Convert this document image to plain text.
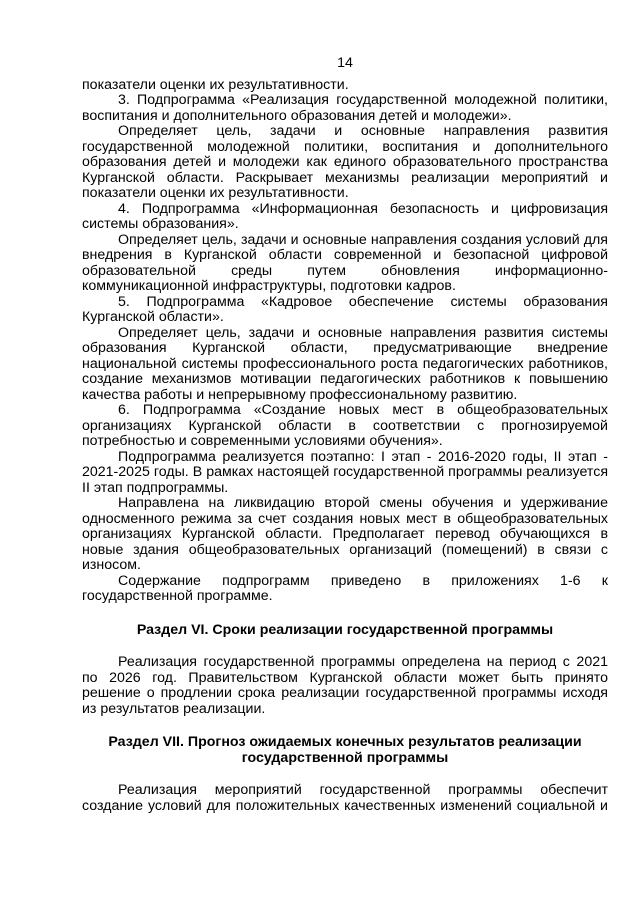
14

показатели оценки их результативности.

3. Подпрограмма «Реализация государственной молодежной политики, воспитания и дополнительного образования детей и молодежи».

Определяет цель, задачи и основные направления развития государственной молодежной политики, воспитания и дополнительного образования детей и молодежи как единого образовательного пространства Курганской области. Раскрывает механизмы реализации мероприятий и показатели оценки их результативности.

4. Подпрограмма «Информационная безопасность и цифровизация системы образования».

Определяет цель, задачи и основные направления создания условий для внедрения в Курганской области современной и безопасной цифровой образовательной среды путем обновления информационно-коммуникационной инфраструктуры, подготовки кадров.

5. Подпрограмма «Кадровое обеспечение системы образования Курганской области».

Определяет цель, задачи и основные направления развития системы образования Курганской области, предусматривающие внедрение национальной системы профессионального роста педагогических работников, создание механизмов мотивации педагогических работников к повышению качества работы и непрерывному профессиональному развитию.

6. Подпрограмма «Создание новых мест в общеобразовательных организациях Курганской области в соответствии с прогнозируемой потребностью и современными условиями обучения».

Подпрограмма реализуется поэтапно: I этап - 2016-2020 годы, II этап - 2021-2025 годы. В рамках настоящей государственной программы реализуется II этап подпрограммы.

Направлена на ликвидацию второй смены обучения и удерживание односменного режима за счет создания новых мест в общеобразовательных организациях Курганской области. Предполагает перевод обучающихся в новые здания общеобразовательных организаций (помещений) в связи с износом.

Содержание подпрограмм приведено в приложениях 1-6 к государственной программе.

Раздел VI. Сроки реализации государственной программы

Реализация государственной программы определена на период с 2021 по 2026 год. Правительством Курганской области может быть принято решение о продлении срока реализации государственной программы исходя из результатов реализации.

Раздел VII. Прогноз ожидаемых конечных результатов реализации
государственной программы

Реализация мероприятий государственной программы обеспечит создание условий для положительных качественных изменений социальной и
